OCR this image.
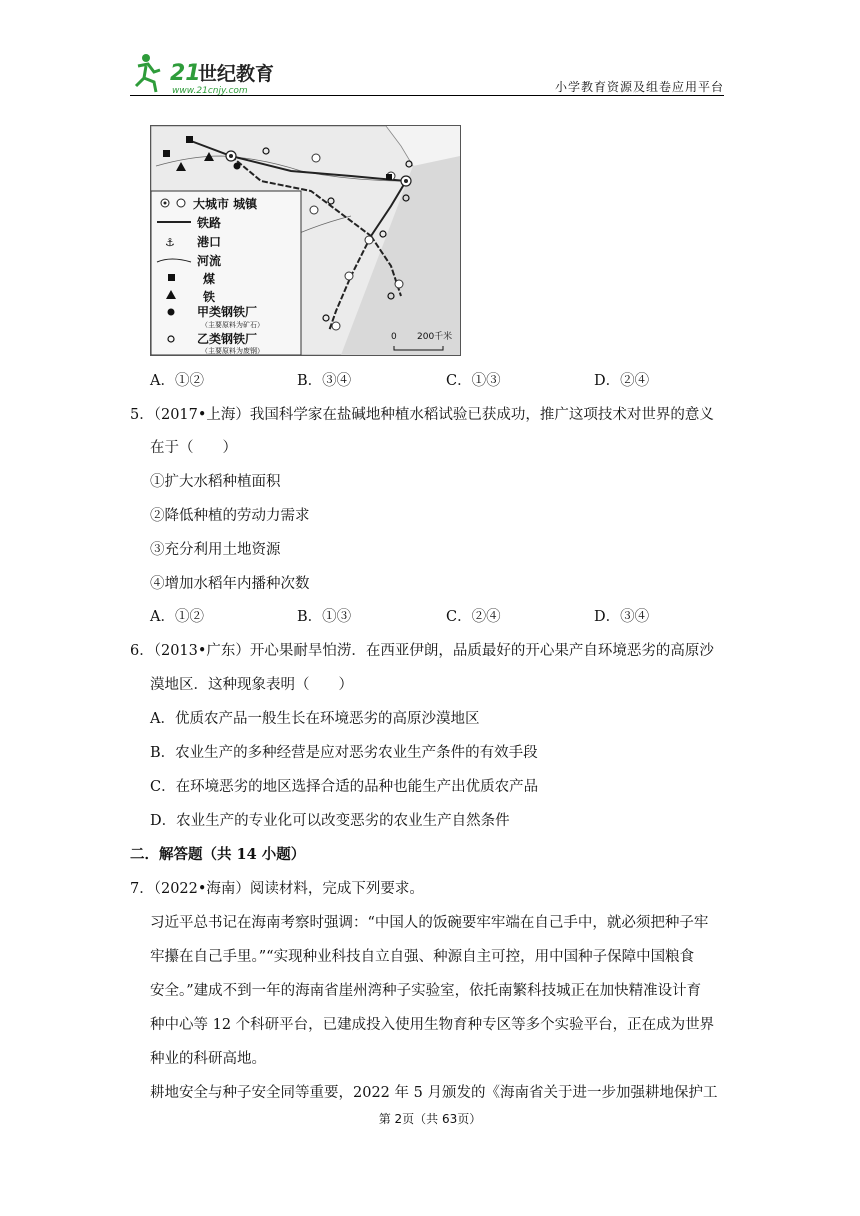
21
世纪教育
www.21cnjy.com	小学教育资源及组卷应用平台
大城市 城镇
铁路
⚓ 港口
河流
煤
铁
甲类钢铁厂
（主要原料为矿石）
乙类钢铁厂
（主要原料为废钢）
0 200千米
A．①②	B．③④	C．①③	D．②④
5．（2017•上海）我国科学家在盐碱地种植水稻试验已获成功，推广这项技术对世界的意义
在于（　　）
①扩大水稻种植面积
②降低种植的劳动力需求
③充分利用土地资源
④增加水稻年内播种次数
A．①②	B．①③	C．②④	D．③④
6．（2013•广东）开心果耐旱怕涝．在西亚伊朗，品质最好的开心果产自环境恶劣的高原沙
漠地区．这种现象表明（　　）
A．优质农产品一般生长在环境恶劣的高原沙漠地区
B．农业生产的多种经营是应对恶劣农业生产条件的有效手段
C．在环境恶劣的地区选择合适的品种也能生产出优质农产品
D．农业生产的专业化可以改变恶劣的农业生产自然条件
二．解答题（共 14 小题）
7．（2022•海南）阅读材料，完成下列要求。
习近平总书记在海南考察时强调：“中国人的饭碗要牢牢端在自己手中，就必须把种子牢
牢攥在自己手里。”“实现种业科技自立自强、种源自主可控，用中国种子保障中国粮食
安全。”建成不到一年的海南省崖州湾种子实验室，依托南繁科技城正在加快精准设计育
种中心等 12 个科研平台，已建成投入使用生物育种专区等多个实验平台，正在成为世界
种业的科研高地。
耕地安全与种子安全同等重要，2022 年 5 月颁发的《海南省关于进一步加强耕地保护工
第 2页（共 63页）
